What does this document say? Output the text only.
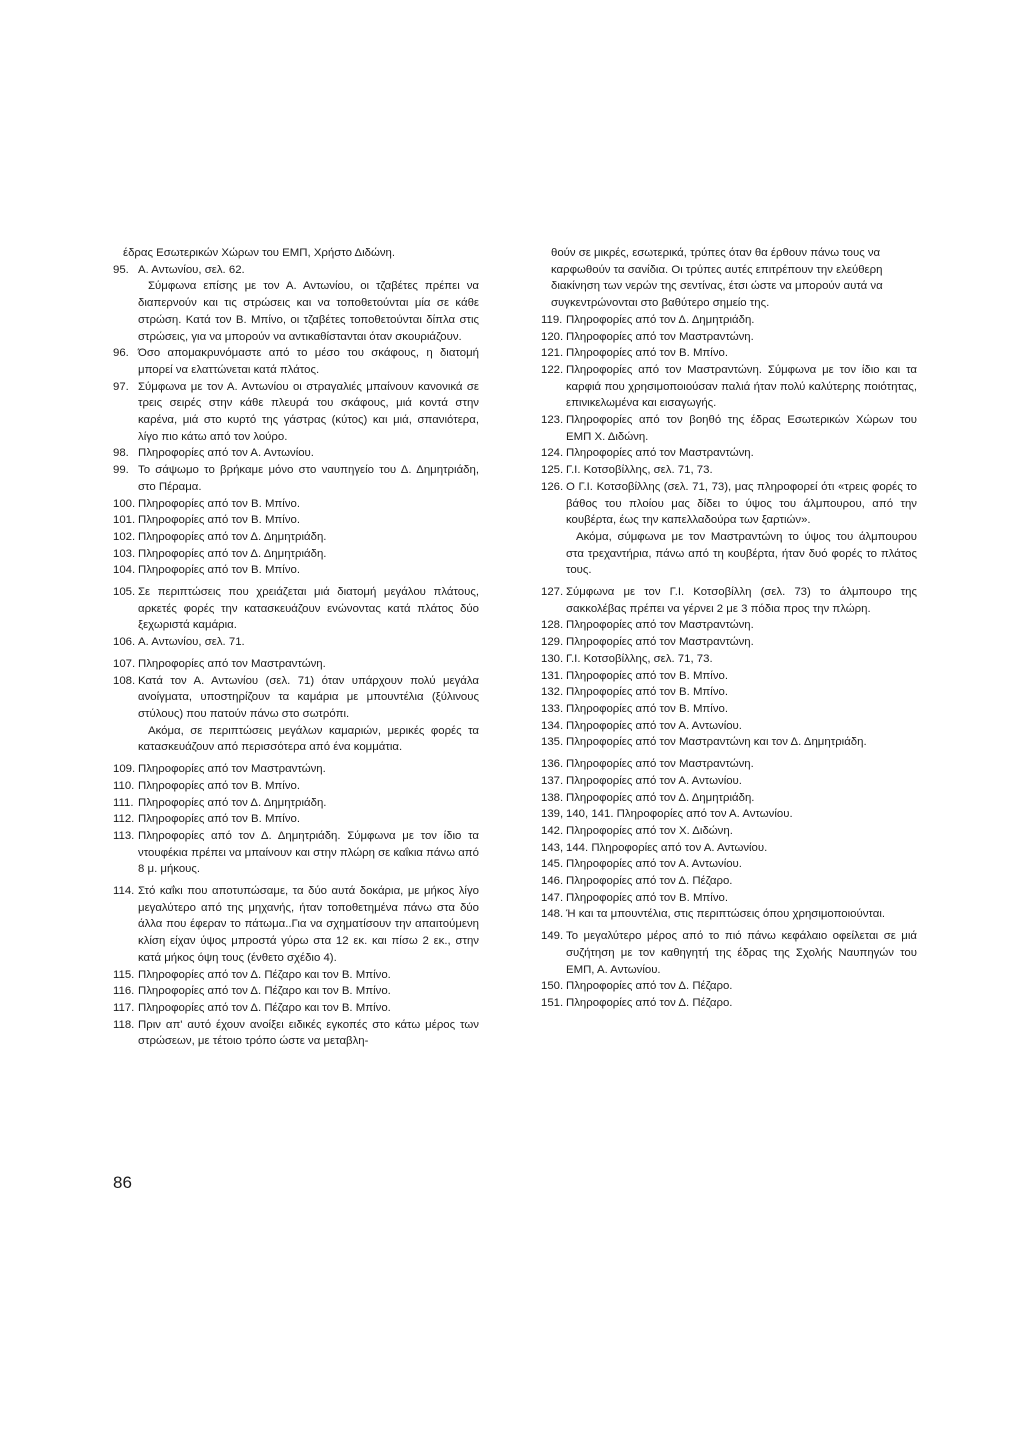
έδρας Εσωτερικών Χώρων του ΕΜΠ, Χρήστο Διδώνη.
95. Α. Αντωνίου, σελ. 62.
Σύμφωνα επίσης με τον Α. Αντωνίου, οι τζαβέτες πρέπει να διαπερνούν και τις στρώσεις και να τοποθετούνται μία σε κάθε στρώση. Κατά τον Β. Μπίνο, οι τζαβέτες τοποθετούνται δίπλα στις στρώσεις, για να μπορούν να αντικαθίστανται όταν σκουριάζουν.
96. Όσο απομακρυνόμαστε από το μέσο του σκάφους, η διατομή μπορεί να ελαττώνεται κατά πλάτος.
97. Σύμφωνα με τον Α. Αντωνίου οι στραγαλιές μπαίνουν κανονικά σε τρεις σειρές στην κάθε πλευρά του σκάφους, μιά κοντά στην καρένα, μιά στο κυρτό της γάστρας (κύτος) και μιά, σπανιότερα, λίγο πιο κάτω από τον λούρο.
98. Πληροφορίες από τον Α. Αντωνίου.
99. Το σάψωμο το βρήκαμε μόνο στο ναυπηγείο του Δ. Δημητριάδη, στο Πέραμα.
100. Πληροφορίες από τον Β. Μπίνο.
101. Πληροφορίες από τον Β. Μπίνο.
102. Πληροφορίες από τον Δ. Δημητριάδη.
103. Πληροφορίες από τον Δ. Δημητριάδη.
104. Πληροφορίες από τον Β. Μπίνο.
105. Σε περιπτώσεις που χρειάζεται μιά διατομή μεγάλου πλάτους, αρκετές φορές την κατασκευάζουν ενώνοντας κατά πλάτος δύο ξεχωριστά καμάρια.
106. Α. Αντωνίου, σελ. 71.
107. Πληροφορίες από τον Μαστραντώνη.
108. Κατά τον Α. Αντωνίου (σελ. 71) όταν υπάρχουν πολύ μεγάλα ανοίγματα, υποστηρίζουν τα καμάρια με μπουντέλια (ξύλινους στύλους) που πατούν πάνω στο σωτρόπι.
Ακόμα, σε περιπτώσεις μεγάλων καμαριών, μερικές φορές τα κατασκευάζουν από περισσότερα από ένα κομμάτια.
109. Πληροφορίες από τον Μαστραντώνη.
110. Πληροφορίες από τον Β. Μπίνο.
111. Πληροφορίες από τον Δ. Δημητριάδη.
112. Πληροφορίες από τον Β. Μπίνο.
113. Πληροφορίες από τον Δ. Δημητριάδη. Σύμφωνα με τον ίδιο τα ντουφέκια πρέπει να μπαίνουν και στην πλώρη σε καΐκια πάνω από 8 μ. μήκους.
114. Στό καΐκι που αποτυπώσαμε, τα δύο αυτά δοκάρια, με μήκος λίγο μεγαλύτερο από της μηχανής, ήταν τοποθετημένα πάνω στα δύο άλλα που έφεραν το πάτωμα..Για να σχηματίσουν την απαιτούμενη κλίση είχαν ύψος μπροστά γύρω στα 12 εκ. και πίσω 2 εκ., στην κατά μήκος όψη τους (ένθετο σχέδιο 4).
115. Πληροφορίες από τον Δ. Πέζαρο και τον Β. Μπίνο.
116. Πληροφορίες από τον Δ. Πέζαρο και τον Β. Μπίνο.
117. Πληροφορίες από τον Δ. Πέζαρο και τον Β. Μπίνο.
118. Πριν απ' αυτό έχουν ανοίξει ειδικές εγκοπές στο κάτω μέρος των στρώσεων, με τέτοιο τρόπο ώστε να μεταβλη-
θούν σε μικρές, εσωτερικά, τρύπες όταν θα έρθουν πάνω τους να καρφωθούν τα σανίδια. Οι τρύπες αυτές επιτρέπουν την ελεύθερη διακίνηση των νερών της σεντίνας, έτσι ώστε να μπορούν αυτά να συγκεντρώνονται στο βαθύτερο σημείο της.
119. Πληροφορίες από τον Δ. Δημητριάδη.
120. Πληροφορίες από τον Μαστραντώνη.
121. Πληροφορίες από τον Β. Μπίνο.
122. Πληροφορίες από τον Μαστραντώνη. Σύμφωνα με τον ίδιο και τα καρφιά που χρησιμοποιούσαν παλιά ήταν πολύ καλύτερης ποιότητας, επινικελωμένα και εισαγωγής.
123. Πληροφορίες από τον βοηθό της έδρας Εσωτερικών Χώρων του ΕΜΠ Χ. Διδώνη.
124. Πληροφορίες από τον Μαστραντώνη.
125. Γ.Ι. Κοτσοβίλλης, σελ. 71, 73.
126. Ο Γ.Ι. Κοτσοβίλλης (σελ. 71, 73), μας πληροφορεί ότι «τρεις φορές το βάθος του πλοίου μας δίδει το ύψος του άλμπουρου, από την κουβέρτα, έως την καπελλαδούρα των ξαρτιών».
Ακόμα, σύμφωνα με τον Μαστραντώνη το ύψος του άλμπουρου στα τρεχαντήρια, πάνω από τη κουβέρτα, ήταν δυό φορές το πλάτος τους.
127. Σύμφωνα με τον Γ.Ι. Κοτσοβίλλη (σελ. 73) το άλμπουρο της σακκολέβας πρέπει να γέρνει 2 με 3 πόδια προς την πλώρη.
128. Πληροφορίες από τον Μαστραντώνη.
129. Πληροφορίες από τον Μαστραντώνη.
130. Γ.Ι. Κοτσοβίλλης, σελ. 71, 73.
131. Πληροφορίες από τον Β. Μπίνο.
132. Πληροφορίες από τον Β. Μπίνο.
133. Πληροφορίες από τον Β. Μπίνο.
134. Πληροφορίες από τον Α. Αντωνίου.
135. Πληροφορίες από τον Μαστραντώνη και τον Δ. Δημητριάδη.
136. Πληροφορίες από τον Μαστραντώνη.
137. Πληροφορίες από τον Α. Αντωνίου.
138. Πληροφορίες από τον Δ. Δημητριάδη.
139, 140, 141. Πληροφορίες από τον Α. Αντωνίου.
142. Πληροφορίες από τον Χ. Διδώνη.
143, 144. Πληροφορίες από τον Α. Αντωνίου.
145. Πληροφορίες από τον Α. Αντωνίου.
146. Πληροφορίες από τον Δ. Πέζαρο.
147. Πληροφορίες από τον Β. Μπίνο.
148. Ή και τα μπουντέλια, στις περιπτώσεις όπου χρησιμοποιούνται.
149. Το μεγαλύτερο μέρος από το πιό πάνω κεφάλαιο οφείλεται σε μιά συζήτηση με τον καθηγητή της έδρας της Σχολής Ναυπηγών του ΕΜΠ, Α. Αντωνίου.
150. Πληροφορίες από τον Δ. Πέζαρο.
151. Πληροφορίες από τον Δ. Πέζαρο.
86
